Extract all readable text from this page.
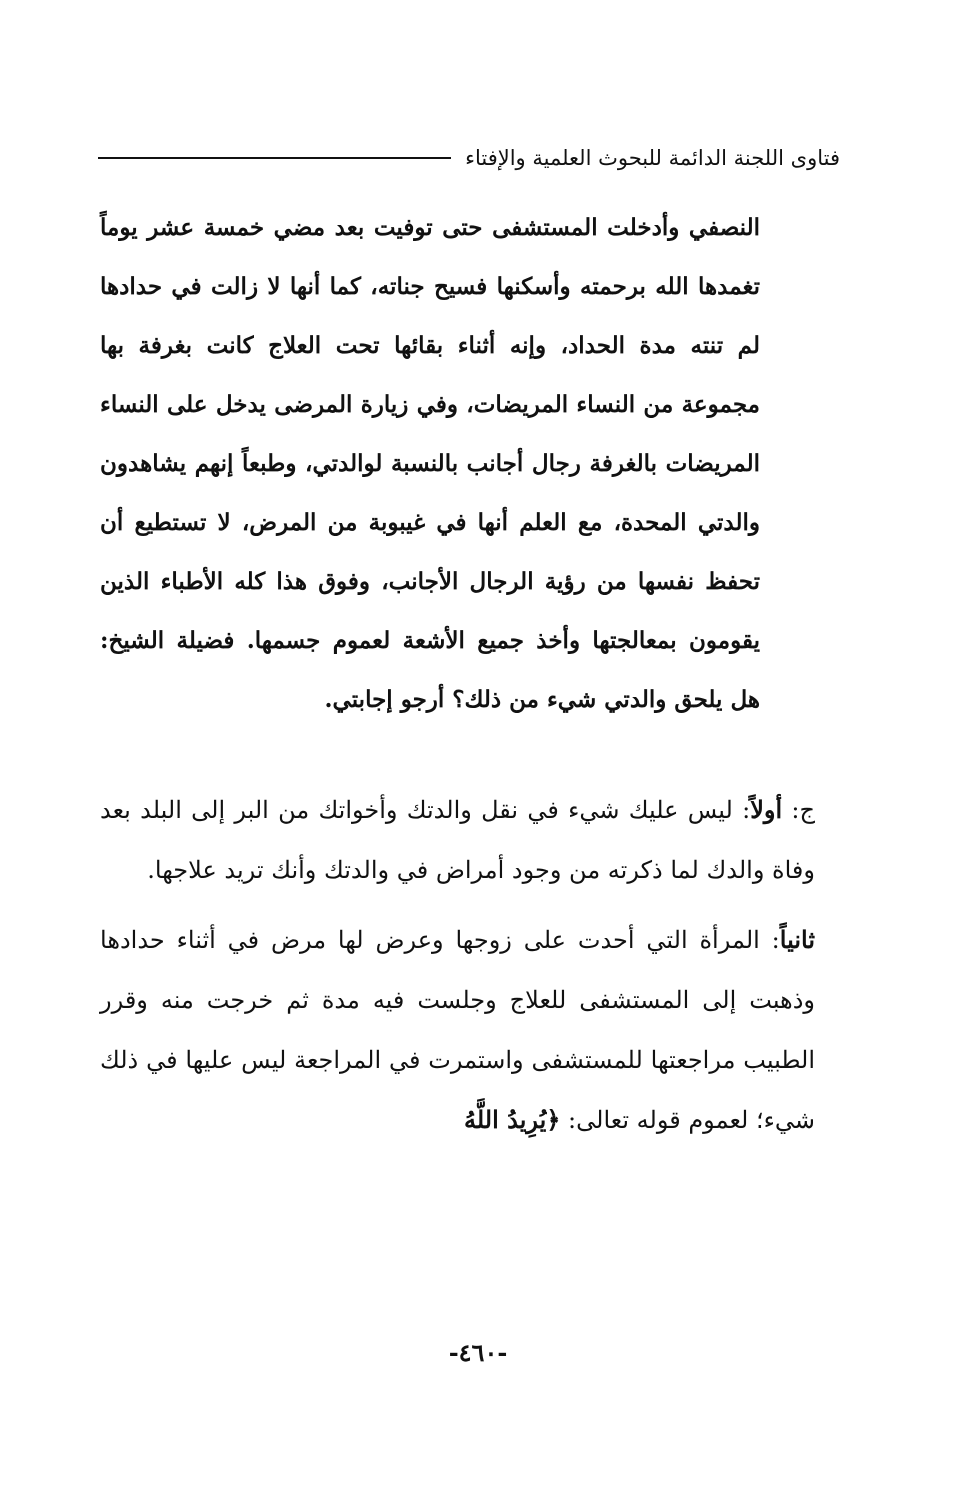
فتاوى اللجنة الدائمة للبحوث العلمية والإفتاء
النصفي وأدخلت المستشفى حتى توفيت بعد مضي خمسة عشر يوماً تغمدها الله برحمته وأسكنها فسيح جناته، كما أنها لا زالت في حدادها لم تنته مدة الحداد، وإنه أثناء بقائها تحت العلاج كانت بغرفة بها مجموعة من النساء المريضات، وفي زيارة المرضى يدخل على النساء المريضات بالغرفة رجال أجانب بالنسبة لوالدتي، وطبعاً إنهم يشاهدون والدتي المحدة، مع العلم أنها في غيبوبة من المرض، لا تستطيع أن تحفظ نفسها من رؤية الرجال الأجانب، وفوق هذا كله الأطباء الذين يقومون بمعالجتها وأخذ جميع الأشعة لعموم جسمها. فضيلة الشيخ: هل يلحق والدتي شيء من ذلك؟ أرجو إجابتي.

ج: أولاً: ليس عليك شيء في نقل والدتك وأخواتك من البر إلى البلد بعد وفاة والدك لما ذكرته من وجود أمراض في والدتك وأنك تريد علاجها.

ثانياً: المرأة التي أحدت على زوجها وعرض لها مرض في أثناء حدادها وذهبت إلى المستشفى للعلاج وجلست فيه مدة ثم خرجت منه وقرر الطبيب مراجعتها للمستشفى واستمرت في المراجعة ليس عليها في ذلك شيء؛ لعموم قوله تعالى: ﴿يُرِيدُ اللَّهُ

-٤٦٠-
